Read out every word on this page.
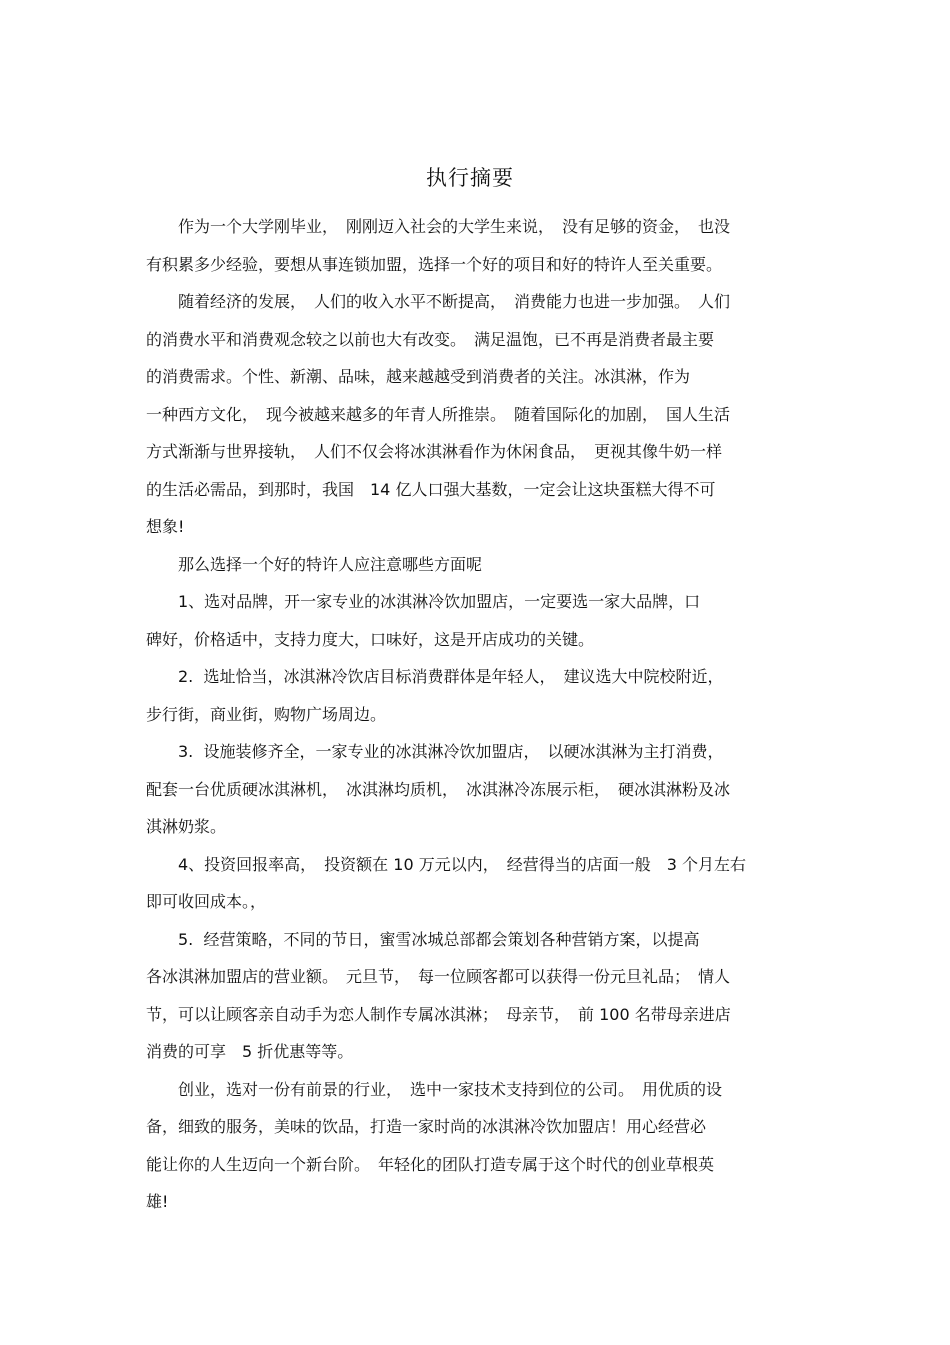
执行摘要

　　作为一个大学刚毕业，　刚刚迈入社会的大学生来说，　没有足够的资金，　也没
有积累多少经验，要想从事连锁加盟，选择一个好的项目和好的特许人至关重要。

　　随着经济的发展，　人们的收入水平不断提高，　消费能力也进一步加强。　人们
的消费水平和消费观念较之以前也大有改变。　满足温饱，已不再是消费者最主要
的消费需求。个性、新潮、品味，越来越越受到消费者的关注。冰淇淋，作为
一种西方文化，　现今被越来越多的年青人所推崇。　随着国际化的加剧，　国人生活
方式渐渐与世界接轨，　人们不仅会将冰淇淋看作为休闲食品，　更视其像牛奶一样
的生活必需品，到那时，我国　14 亿人口强大基数，一定会让这块蛋糕大得不可
想象!

　　那么选择一个好的特许人应注意哪些方面呢

　　1、选对品牌，开一家专业的冰淇淋冷饮加盟店，一定要选一家大品牌，口
碑好，价格适中，支持力度大，口味好，这是开店成功的关键。

　　2.  选址恰当，冰淇淋冷饮店目标消费群体是年轻人，　建议选大中院校附近，
步行街，商业街，购物广场周边。

　　3.  设施装修齐全，一家专业的冰淇淋冷饮加盟店，　以硬冰淇淋为主打消费，
配套一台优质硬冰淇淋机，　冰淇淋均质机，　冰淇淋冷冻展示柜，　硬冰淇淋粉及冰
淇淋奶浆。

　　4、投资回报率高，　投资额在 10 万元以内，　经营得当的店面一般　3 个月左右
即可收回成本。，

　　5.  经营策略，不同的节日，蜜雪冰城总部都会策划各种营销方案，以提高
各冰淇淋加盟店的营业额。　元旦节，　每一位顾客都可以获得一份元旦礼品；　情人
节，可以让顾客亲自动手为恋人制作专属冰淇淋；　母亲节，　前 100 名带母亲进店
消费的可享　5 折优惠等等。

　　创业，选对一份有前景的行业，　选中一家技术支持到位的公司。　用优质的设
备，细致的服务，美味的饮品，打造一家时尚的冰淇淋冷饮加盟店！用心经营必
能让你的人生迈向一个新台阶。　年轻化的团队打造专属于这个时代的创业草根英
雄!
